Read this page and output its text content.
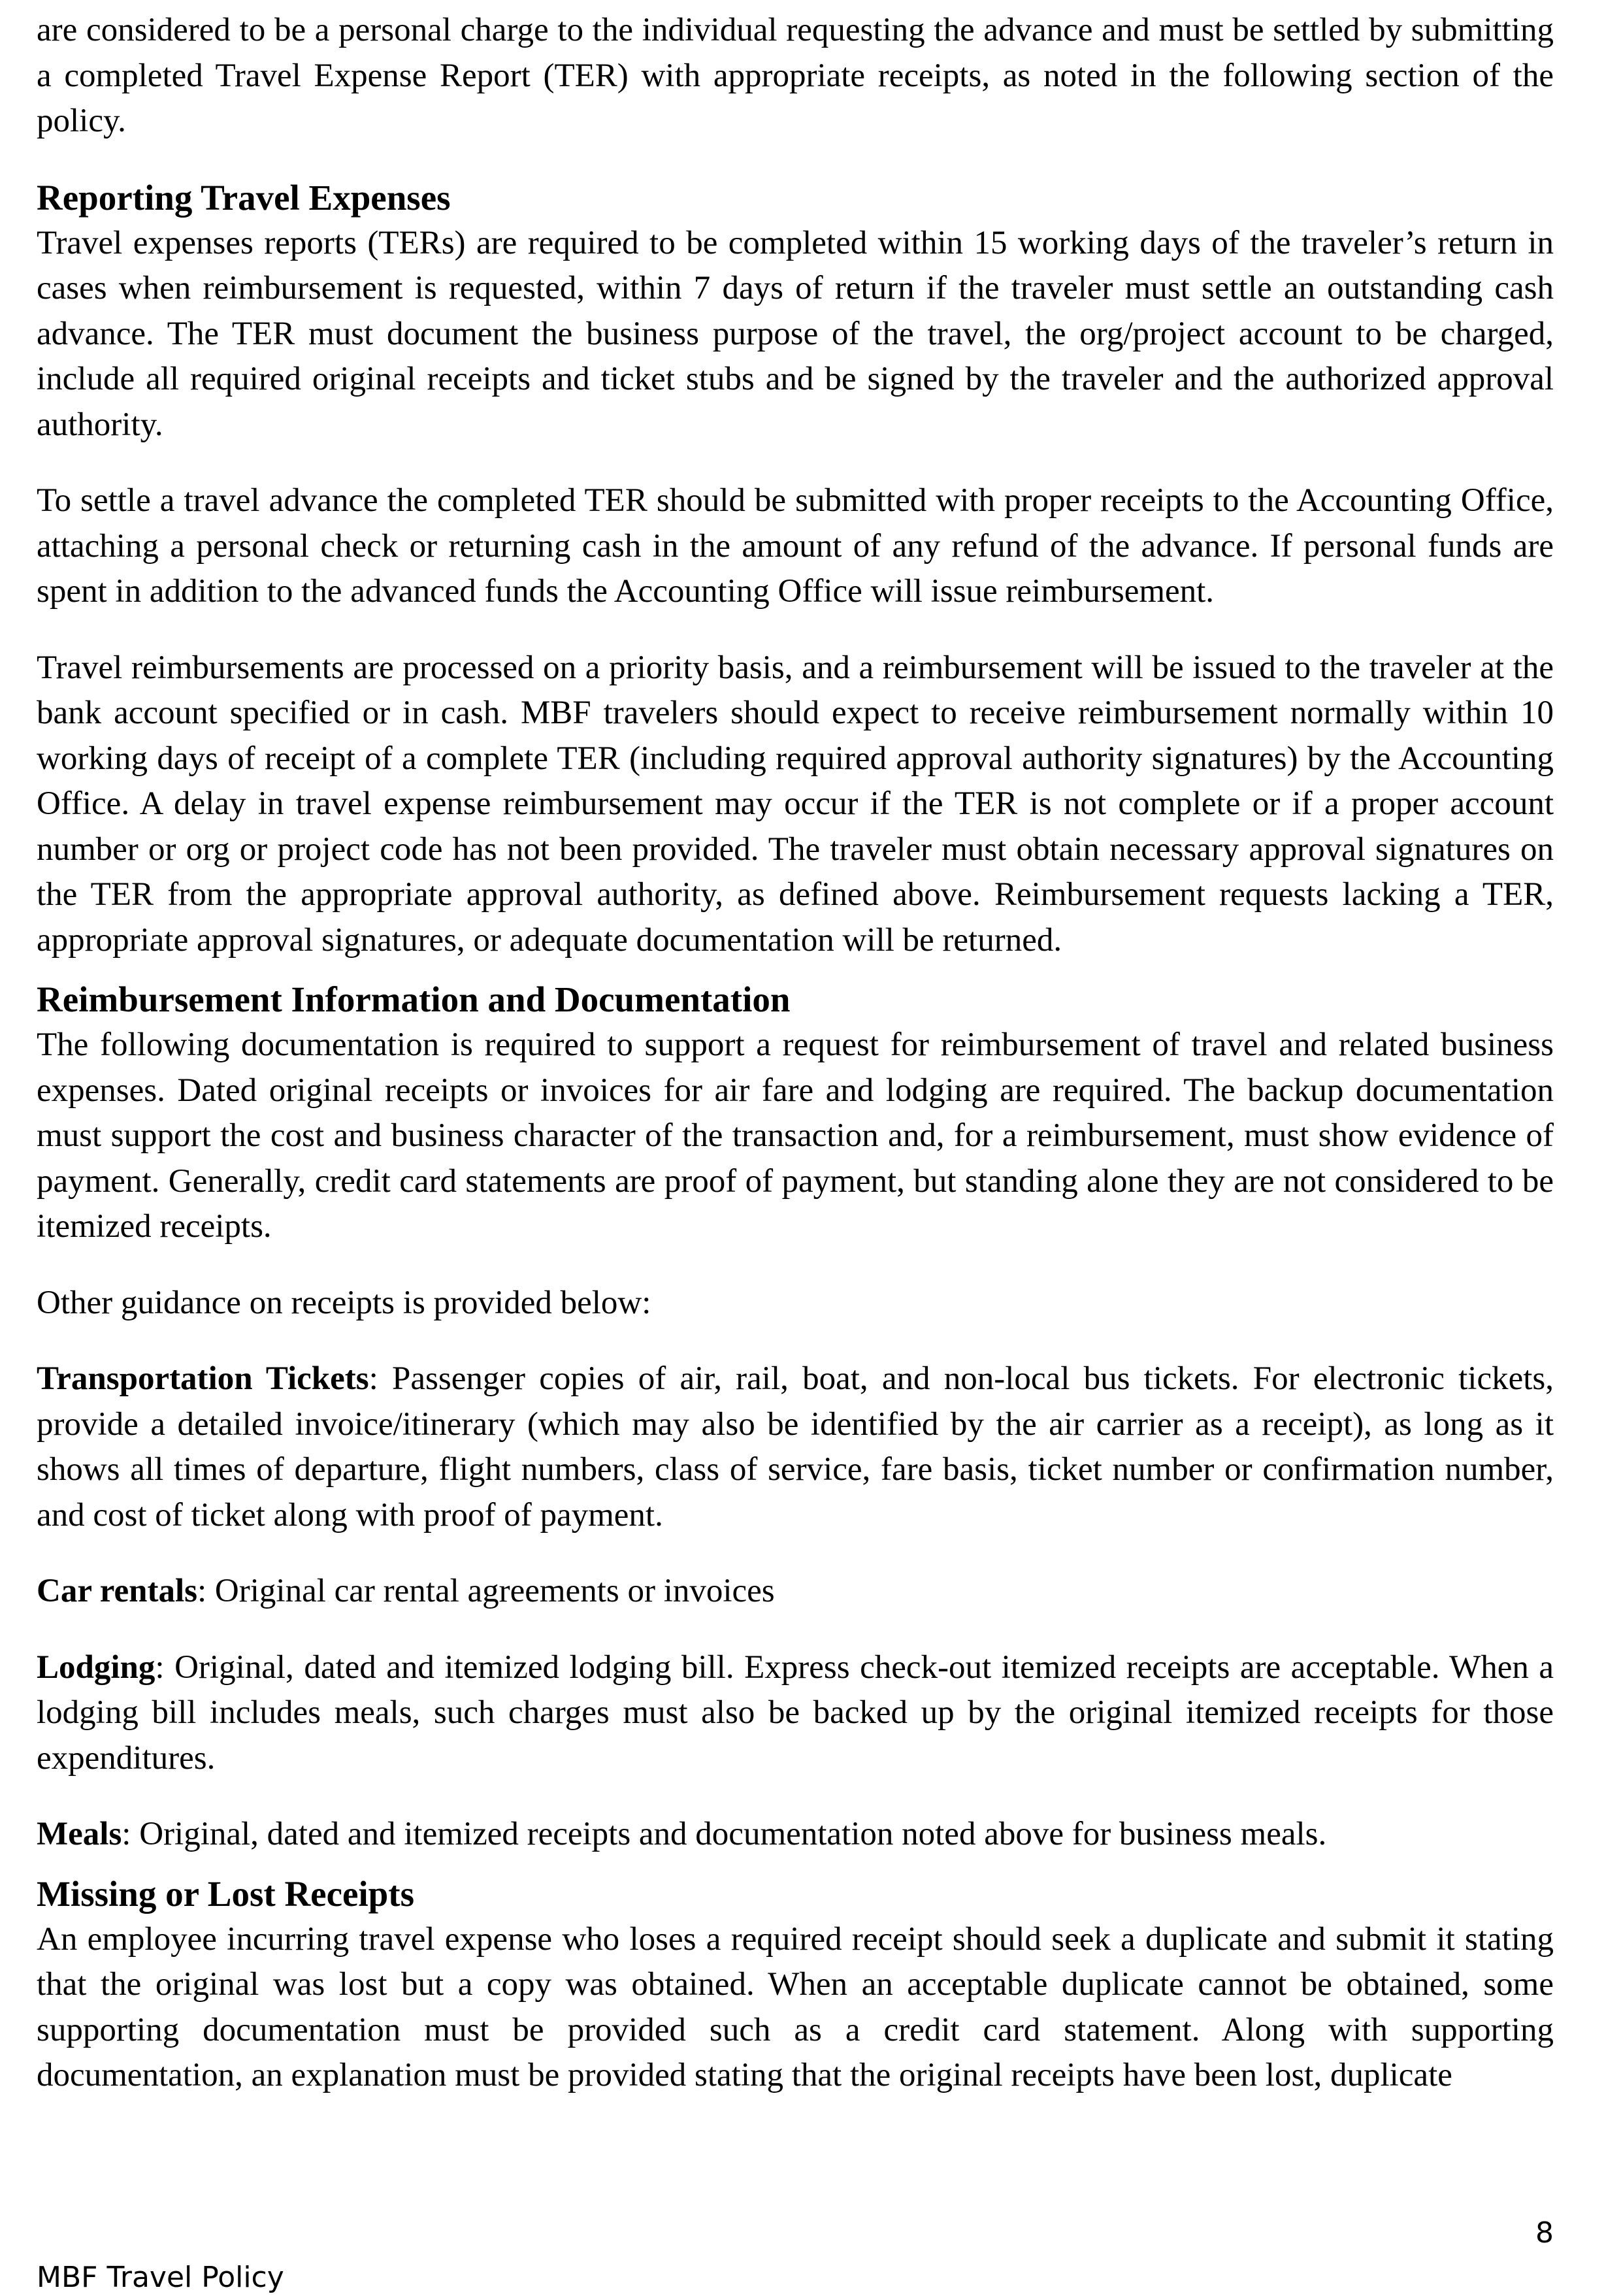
are considered to be a personal charge to the individual requesting the advance and must be settled by submitting a completed Travel Expense Report (TER) with appropriate receipts, as noted in the following section of the policy.

Reporting Travel Expenses

Travel expenses reports (TERs) are required to be completed within 15 working days of the traveler’s return in cases when reimbursement is requested, within 7 days of return if the traveler must settle an outstanding cash advance. The TER must document the business purpose of the travel, the org/project account to be charged, include all required original receipts and ticket stubs and be signed by the traveler and the authorized approval authority.

To settle a travel advance the completed TER should be submitted with proper receipts to the Accounting Office, attaching a personal check or returning cash in the amount of any refund of the advance. If personal funds are spent in addition to the advanced funds the Accounting Office will issue reimbursement.

Travel reimbursements are processed on a priority basis, and a reimbursement will be issued to the traveler at the bank account specified or in cash. MBF travelers should expect to receive reimbursement normally within 10 working days of receipt of a complete TER (including required approval authority signatures) by the Accounting Office. A delay in travel expense reimbursement may occur if the TER is not complete or if a proper account number or org or project code has not been provided. The traveler must obtain necessary approval signatures on the TER from the appropriate approval authority, as defined above. Reimbursement requests lacking a TER, appropriate approval signatures, or adequate documentation will be returned.

Reimbursement Information and Documentation

The following documentation is required to support a request for reimbursement of travel and related business expenses. Dated original receipts or invoices for air fare and lodging are required. The backup documentation must support the cost and business character of the transaction and, for a reimbursement, must show evidence of payment. Generally, credit card statements are proof of payment, but standing alone they are not considered to be itemized receipts.

Other guidance on receipts is provided below:

Transportation Tickets: Passenger copies of air, rail, boat, and non-local bus tickets. For electronic tickets, provide a detailed invoice/itinerary (which may also be identified by the air carrier as a receipt), as long as it shows all times of departure, flight numbers, class of service, fare basis, ticket number or confirmation number, and cost of ticket along with proof of payment.

Car rentals: Original car rental agreements or invoices

Lodging: Original, dated and itemized lodging bill. Express check-out itemized receipts are acceptable. When a lodging bill includes meals, such charges must also be backed up by the original itemized receipts for those expenditures.

Meals: Original, dated and itemized receipts and documentation noted above for business meals.

Missing or Lost Receipts

An employee incurring travel expense who loses a required receipt should seek a duplicate and submit it stating that the original was lost but a copy was obtained. When an acceptable duplicate cannot be obtained, some supporting documentation must be provided such as a credit card statement. Along with supporting documentation, an explanation must be provided stating that the original receipts have been lost, duplicate

8
MBF Travel Policy
